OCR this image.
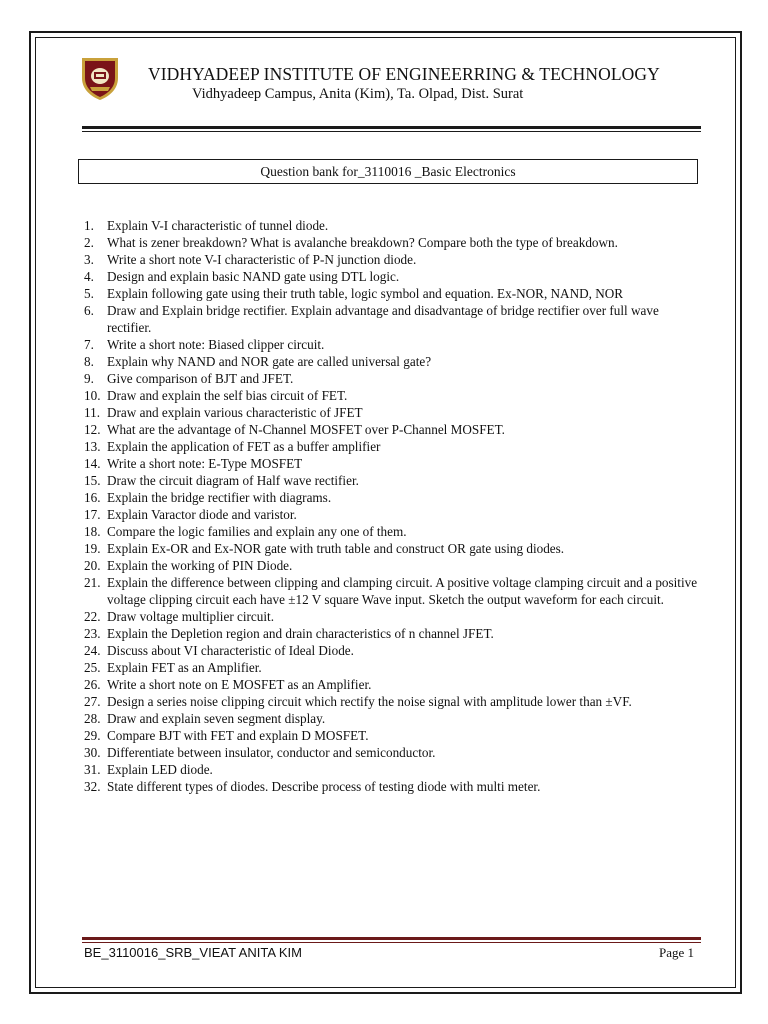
VIDHYADEEP INSTITUTE OF ENGINEERRING & TECHNOLOGY
Vidhyadeep Campus, Anita (Kim), Ta. Olpad, Dist. Surat
Question bank for_3110016 _Basic Electronics
1. Explain V-I characteristic of tunnel diode.
2. What is zener breakdown? What is avalanche breakdown? Compare both the type of breakdown.
3. Write a short note V-I characteristic of P-N junction diode.
4. Design and explain basic NAND gate using DTL logic.
5. Explain following gate using their truth table, logic symbol and equation. Ex-NOR, NAND, NOR
6. Draw and Explain bridge rectifier. Explain advantage and disadvantage of bridge rectifier over full wave rectifier.
7. Write a short note: Biased clipper circuit.
8. Explain why NAND and NOR gate are called universal gate?
9. Give comparison of BJT and JFET.
10. Draw and explain the self bias circuit of FET.
11. Draw and explain various characteristic of JFET
12. What are the advantage of N-Channel MOSFET over P-Channel MOSFET.
13. Explain the application of FET as a buffer amplifier
14. Write a short note: E-Type MOSFET
15. Draw the circuit diagram of Half wave rectifier.
16. Explain the bridge rectifier with diagrams.
17. Explain Varactor diode and varistor.
18. Compare the logic families and explain any one of them.
19. Explain Ex-OR and Ex-NOR gate with truth table and construct OR gate using diodes.
20. Explain the working of PIN Diode.
21. Explain the difference between clipping and clamping circuit. A positive voltage clamping circuit and a positive voltage clipping circuit each have ±12 V square Wave input. Sketch the output waveform for each circuit.
22. Draw voltage multiplier circuit.
23. Explain the Depletion region and drain characteristics of n channel JFET.
24. Discuss about VI characteristic of Ideal Diode.
25. Explain FET as an Amplifier.
26. Write a short note on E MOSFET as an Amplifier.
27. Design a series noise clipping circuit which rectify the noise signal with amplitude lower than ±VF.
28. Draw and explain seven segment display.
29. Compare BJT with FET and explain D MOSFET.
30. Differentiate between insulator, conductor and semiconductor.
31. Explain LED diode.
32. State different types of diodes. Describe process of testing diode with multi meter.
BE_3110016_SRB_VIEAT ANITA KIM	Page 1
